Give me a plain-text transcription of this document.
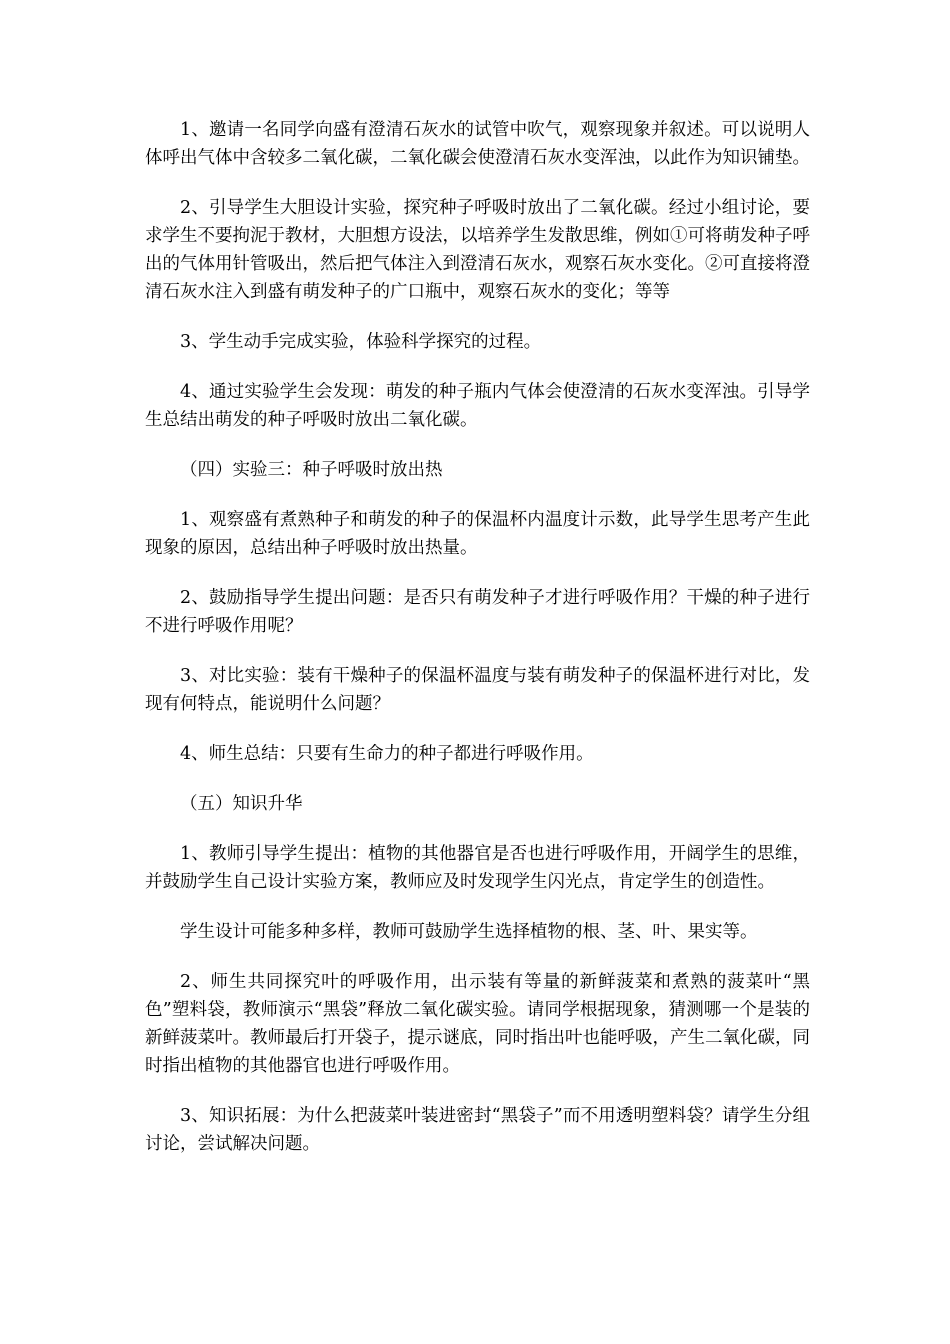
1、邀请一名同学向盛有澄清石灰水的试管中吹气，观察现象并叙述。可以说明人体呼出气体中含较多二氧化碳，二氧化碳会使澄清石灰水变浑浊，以此作为知识铺垫。

2、引导学生大胆设计实验，探究种子呼吸时放出了二氧化碳。经过小组讨论，要求学生不要拘泥于教材，大胆想方设法，以培养学生发散思维，例如①可将萌发种子呼出的气体用针管吸出，然后把气体注入到澄清石灰水，观察石灰水变化。②可直接将澄清石灰水注入到盛有萌发种子的广口瓶中，观察石灰水的变化；等等

3、学生动手完成实验，体验科学探究的过程。

4、通过实验学生会发现：萌发的种子瓶内气体会使澄清的石灰水变浑浊。引导学生总结出萌发的种子呼吸时放出二氧化碳。

（四）实验三：种子呼吸时放出热

1、观察盛有煮熟种子和萌发的种子的保温杯内温度计示数，此导学生思考产生此现象的原因，总结出种子呼吸时放出热量。

2、鼓励指导学生提出问题：是否只有萌发种子才进行呼吸作用？干燥的种子进行不进行呼吸作用呢？

3、对比实验：装有干燥种子的保温杯温度与装有萌发种子的保温杯进行对比，发现有何特点，能说明什么问题？

4、师生总结：只要有生命力的种子都进行呼吸作用。

（五）知识升华

1、教师引导学生提出：植物的其他器官是否也进行呼吸作用，开阔学生的思维，并鼓励学生自己设计实验方案，教师应及时发现学生闪光点，肯定学生的创造性。

学生设计可能多种多样，教师可鼓励学生选择植物的根、茎、叶、果实等。

2、师生共同探究叶的呼吸作用，出示装有等量的新鲜菠菜和煮熟的菠菜叶“黑色”塑料袋，教师演示“黑袋”释放二氧化碳实验。请同学根据现象，猜测哪一个是装的新鲜菠菜叶。教师最后打开袋子，提示谜底，同时指出叶也能呼吸，产生二氧化碳，同时指出植物的其他器官也进行呼吸作用。

3、知识拓展：为什么把菠菜叶装进密封“黑袋子”而不用透明塑料袋？请学生分组讨论，尝试解决问题。
